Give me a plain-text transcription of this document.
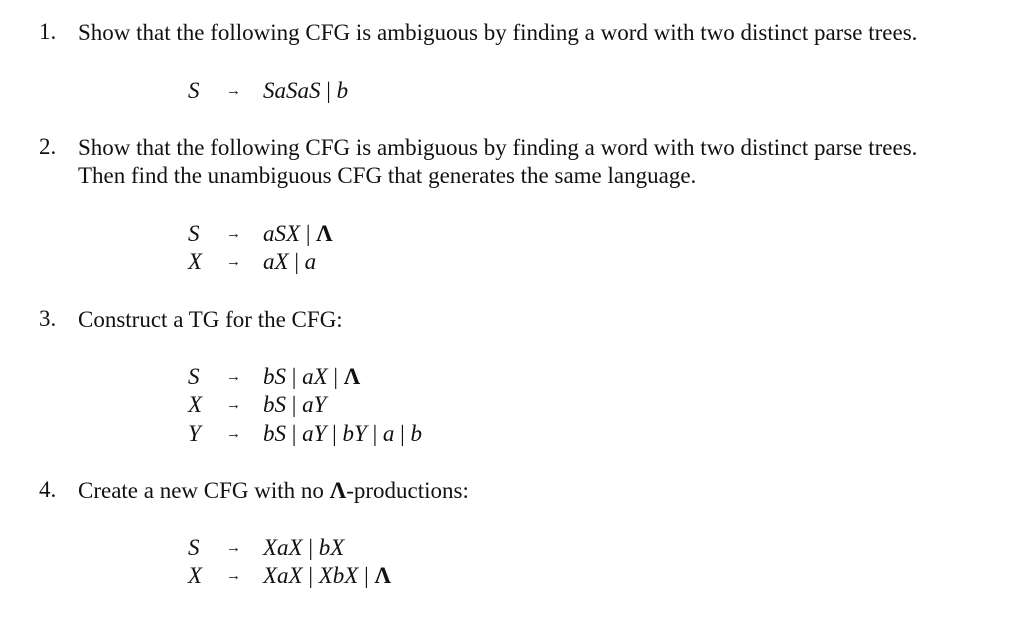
1. Show that the following CFG is ambiguous by finding a word with two distinct parse trees.
S	→ SaSaS | b
2. Show that the following CFG is ambiguous by finding a word with two distinct parse trees.
Then find the unambiguous CFG that generates the same language.
S	→ aSX | Λ
X	→ aX | a
3. Construct a TG for the CFG:
S	→ bS | aX | Λ
X	→ bS | aY
Y	→ bS | aY | bY | a | b
4. Create a new CFG with no Λ-productions:
S	→ XaX | bX
X	→ XaX | XbX | Λ
